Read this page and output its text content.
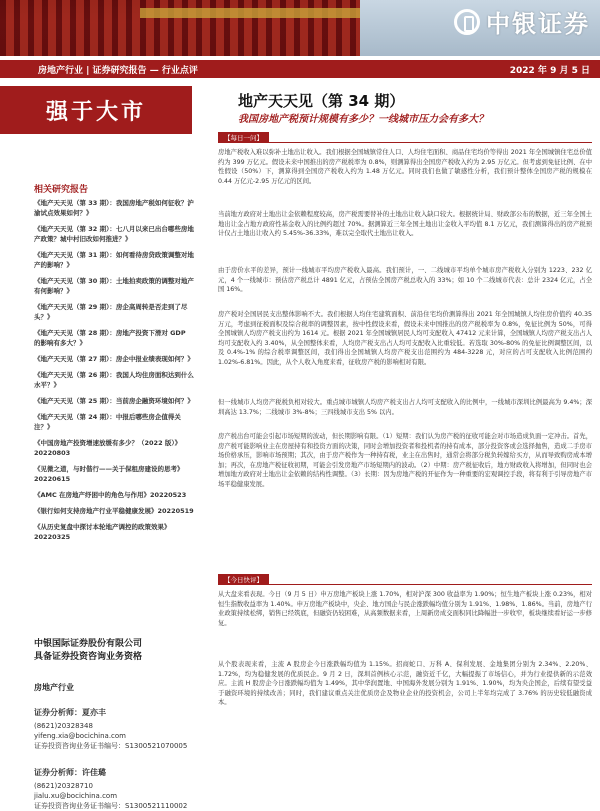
中银证券
房地产行业 | 证券研究报告 — 行业点评	2022 年 9 月 5 日
强于大市
相关研究报告
《地产天天见（第 33 期）：我国房地产税如何征收？沪渝试点效果如何？》
《地产天天见（第 32 期）：七八月以来已出台哪些房地产政策？城中村旧改如何推进？》
《地产天天见（第 31 期）：如何看待房贷政策调整对地产的影响？》
《地产天天见（第 30 期）：土地拍卖政策的调整对地产有何影响？》
《地产天天见（第 29 期）：房企高周转是否走到了尽头？》
《地产天天见（第 28 期）：房地产投资下滑对 GDP 的影响有多大？》
《地产天天见（第 27 期）：房企中报业绩表现如何？》
《地产天天见（第 26 期）：我国人均住房面积达到什么水平？》
《地产天天见（第 25 期）：当前房企融资环境如何？》
《地产天天见（第 24 期）：中报后哪些房企值得关注？》
《中国房地产投资增速放缓有多少？（2022 版）》20220803
《见微之道，与时偕行——关于保租房建设的思考》20220615
《AMC 在房地产纾困中的角色与作用》20220523
《银行如何支持房地产行业平稳健康发展》20220519
《从历史复盘中探讨本轮地产调控的政策效果》20220325
中银国际证券股份有限公司
具备证券投资咨询业务资格
房地产行业
证券分析师：夏亦丰
(8621)20328348
yifeng.xia@bocichina.com
证券投资咨询业务证书编号：S1300521070005
证券分析师：许佳璐
(8621)20328710
jialu.xu@bocichina.com
证券投资咨询业务证书编号：S1300521110002
地产天天见（第 34 期）
我国房地产税预计规模有多少？一线城市压力会有多大？
【每日一问】
房地产税收入难以弥补土地出让收入。我们根据全国城镇常住人口、人均住宅面积、商品住宅均价等得出 2021 年全国城镇住宅总价值约为 399 万亿元。假设未来中国推出的房产税税率为 0.8%，则测算得出全国房产税收入约为 2.95 万亿元。但考虑到免征比例、在中性假设（50%）下，测算得到全国房产税收入约为 1.48 万亿元。同时我们也做了敏感性分析，我们预计整体全国房产税的规模在 0.44 万亿元-2.95 万亿元的区间。
当前地方政府对土地出让金依赖程度较高，房产税需要替补的土地出让收入缺口较大。根据统计局、财政部公布的数据，近三年全国土地出让金占地方政府性基金收入的比例约超过 70%。据测算近三年全国土地出让金收入平均值 8.1 万亿元，我们测算得出的房产税预计仅占土地出让收入约 5.45%-36.33%，难以完全取代土地出让收入。
由于房价水平的差异，预计一线城市平均房产税收入最高。我们预计，一、二线城市平均单个城市房产税收入分别为 1223、232 亿元，4 个一线城市：预估房产税总计 4891 亿元，占预估全国房产税总收入的 33%；如 10 个二线城市代表：总计 2324 亿元，占全国 16%。
房产税对全国居民支出整体影响不大。我们根据人均住宅建筑面积、前沿住宅均价测算得出 2021 年全国城镇人均住房价值约 40.35 万元，考虑到征税面积及综合税率的调整因素，按中性假设来看，假设未来中国推出的房产税税率为 0.8%，免征比例为 50%，可得全国城镇人均房产税支出约为 1614 元。根据 2021 年全国城镇居民人均可支配收入 47412 元来计算，全国城镇人均房产税支出占人均可支配收入约 3.40%，从全国整体来看，人均房产税支出占人均可支配收入比重较低。若选取 30%-80% 的免征比例调整区间，以及 0.4%-1% 的综合税率调整区间，我们得出全国城镇人均房产税支出范围约为 484-3228 元，对应的占可支配收入比例范围约 1.02%-6.81%。因此，从个人收入角度来看，征收房产税的影响相对有限。
但一线城市人均房产税税负相对较大。重点城市城镇人均房产税支出占人均可支配收入的比例中，一线城市深圳比例最高为 9.4%；深圳高达 13.7%；二线城市 3%-8%；三四线城市支出 5% 以内。
房产税出台可能会引起市场短期的波动，但长期影响有限。（1）短期：我们认为房产税的征收可能会对市场造成负面一定冲击。首先，房产税可能影响业主在房屋持有和投资方面的决策，同时会增加投资者和投机者的持有成本，部分投资客或会选择抛售，造成二手房市场价格承压，影响市场预期；其次，由于房产税作为一种持有税，业主在出售时，通常会将部分税负转嫁给买方，从而导致购房成本增加；再次，在房地产税征收初期，可能会引发房地产市场短期内的波动。（2）中期：房产税征收后，地方财政收入将增加，但同时也会增加地方政府对土地出让金依赖的结构性调整。（3）长期：因为房地产税的开征作为一种重要的宏观调控手段，将有利于引导房地产市场平稳健康发展。
【今日快评】
从大盘来看表现。今日（9 月 5 日）申万房地产板块上涨 1.70%，相对沪深 300 收益率为 1.90%；恒生地产板块上涨 0.23%，相对恒生指数收益率为 1.40%。申万房地产板块中，央企、地方国企与民企涨跌幅均值分别为 1.91%、1.98%、1.86%。当前，房地产行业政策持续松绑，销售已经筑底，但融资仍较困难，从高频数据来看，上周新房成交面积同比降幅进一步收窄，板块继续看好运一步修复。
从个股表现来看，主流 A 股房企今日涨跌幅均值为 1.15%。招商蛇口、万科 A、保利发展、金地集团分别为 2.34%、2.20%、1.72%，均为稳健发展的优质民企。9 月 2 日，深圳首例核心示范，融资近千亿，大幅提振了市场信心，并为行业提供新的示范效应。主流 H 股房企今日涨跌幅均值为 1.49%，其中华润置地、中国海外发展分别为 1.91%、1.90%，均为央企国企，后续有望受益于融资环境的持续改善；同时，我们建议重点关注优质房企及物业企业的投资机会，公司上半年均完成了 3.76% 的历史较低融资成本。
